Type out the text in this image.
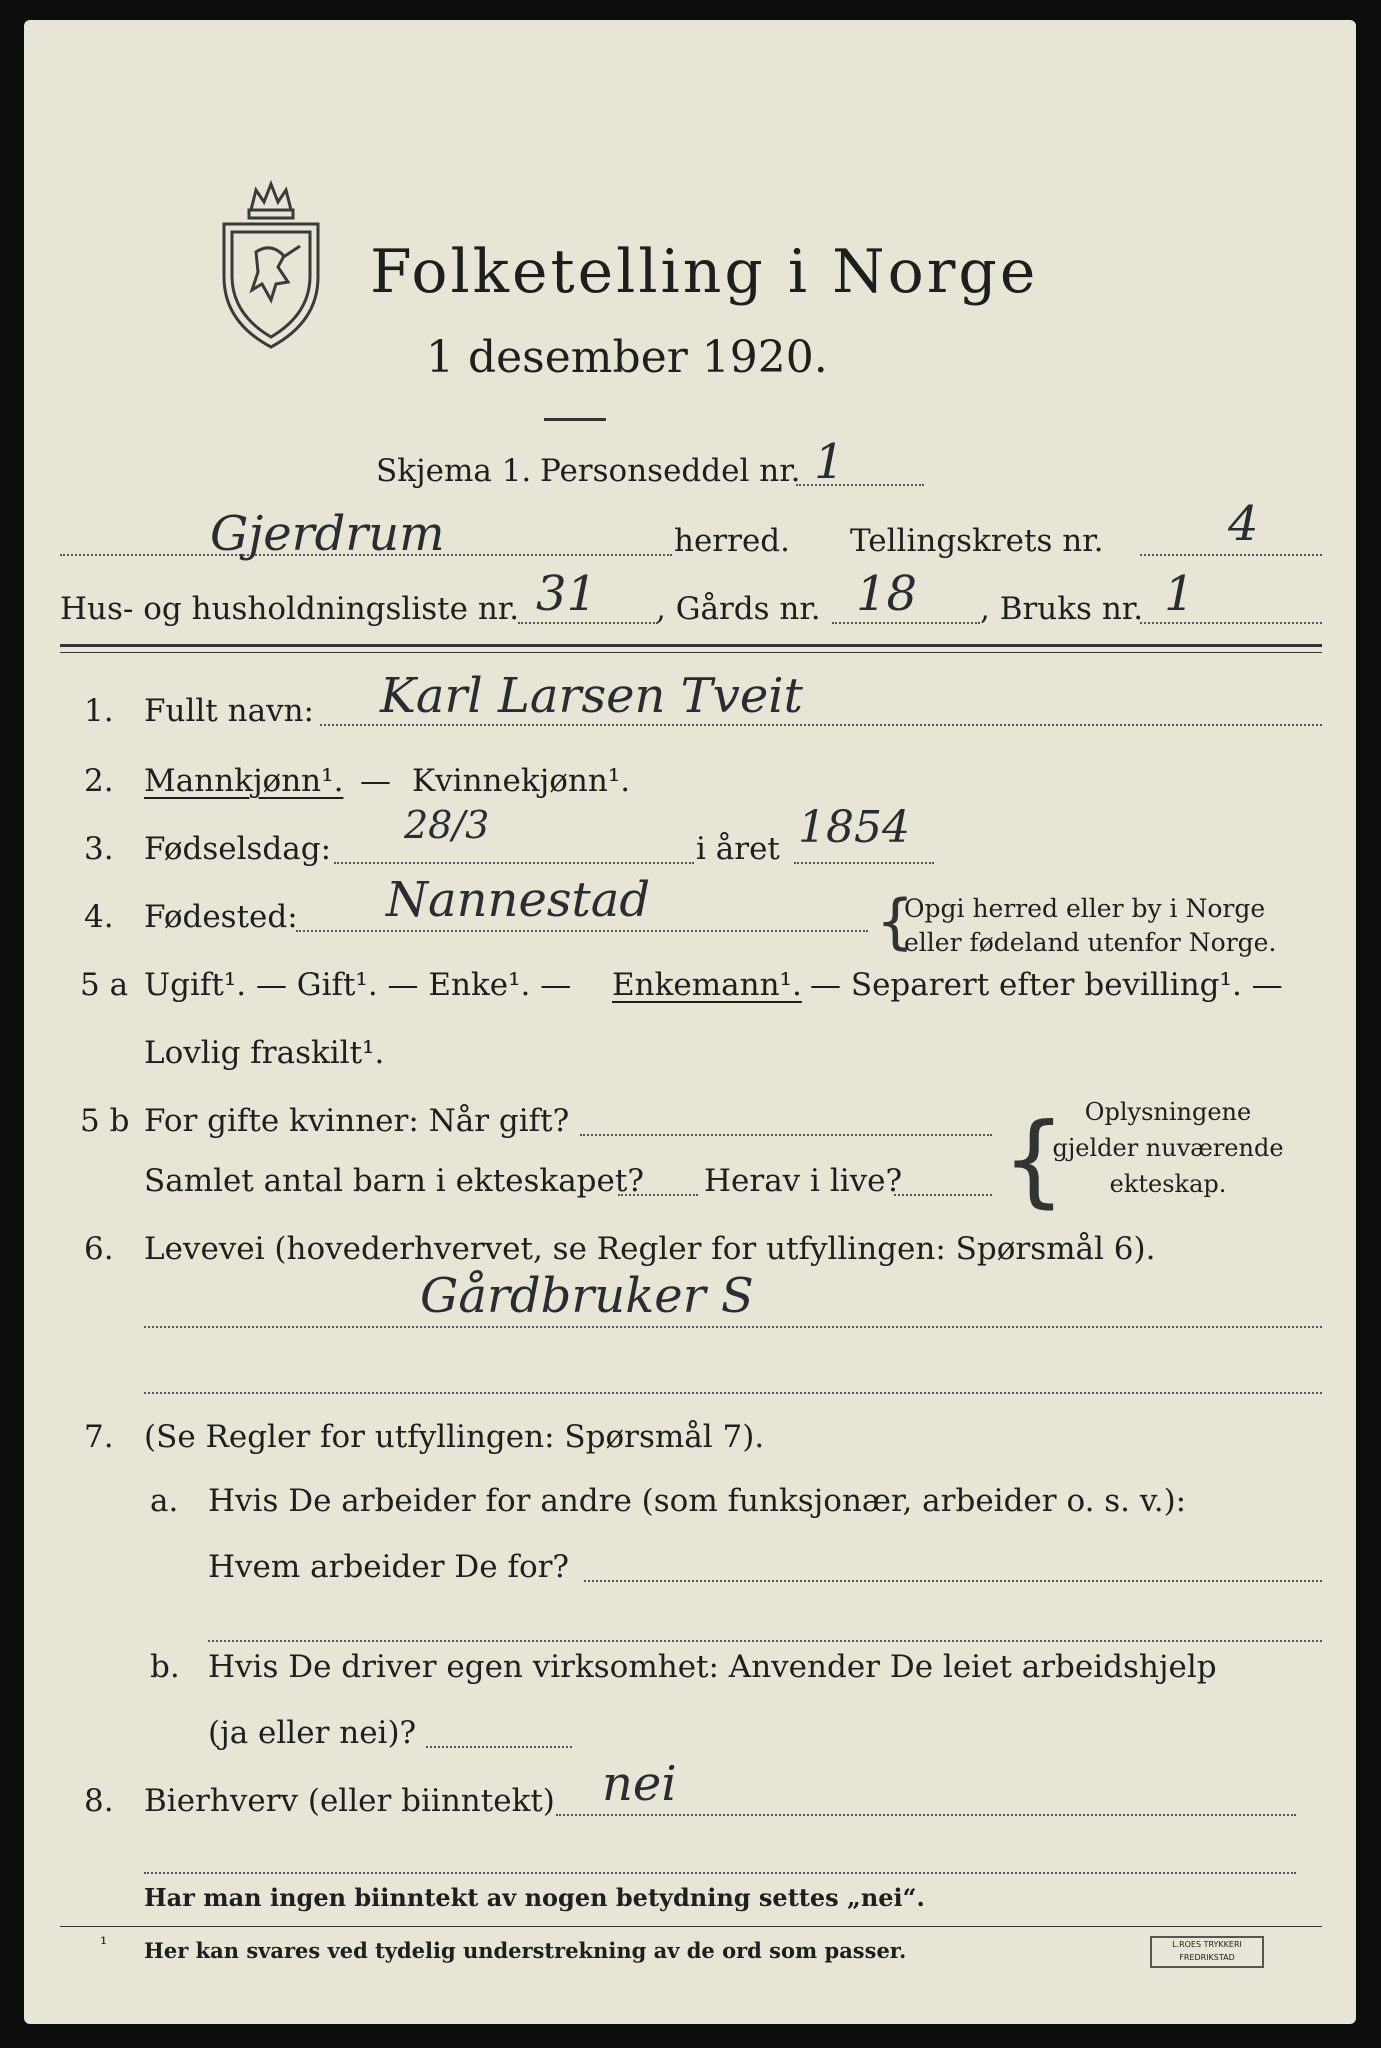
Folketelling i Norge
1 desember 1920.
Skjema 1. Personseddel nr. 1
Gjerdrum	herred. Tellingskrets nr.	4
Hus- og husholdningsliste nr. 31 , Gårds nr. 18 , Bruks nr. 1
1. Fullt navn: Karl Larsen Tveit
2. Mannkjønn¹. — Kvinnekjønn¹.
3. Fødselsdag:
28/3
i året 1854
4. Fødested: Nannestad	{
Opgi herred eller by i Norge
eller fødeland utenfor Norge.
5 a Ugift¹. — Gift¹. — Enke¹. — Enkemann¹. — Separert efter bevilling¹. —
Lovlig fraskilt¹.
5 b For gifte kvinner: Når gift?
Samlet antal barn i ekteskapet? Herav i live? { Oplysningene
gjelder nuværende
ekteskap.
6. Levevei (hovederhvervet, se Regler for utfyllingen: Spørsmål 6).
Gårdbruker S
7. (Se Regler for utfyllingen: Spørsmål 7).
a. Hvis De arbeider for andre (som funksjonær, arbeider o. s. v.):
Hvem arbeider De for?
b. Hvis De driver egen virksomhet: Anvender De leiet arbeidshjelp
(ja eller nei)?
8. Bierhverv (eller biinntekt) nei
Har man ingen biinntekt av nogen betydning settes „nei“.
¹ Her kan svares ved tydelig understrekning av de ord som passer.	L.ROES TRYKKERI
FREDRIKSTAD
